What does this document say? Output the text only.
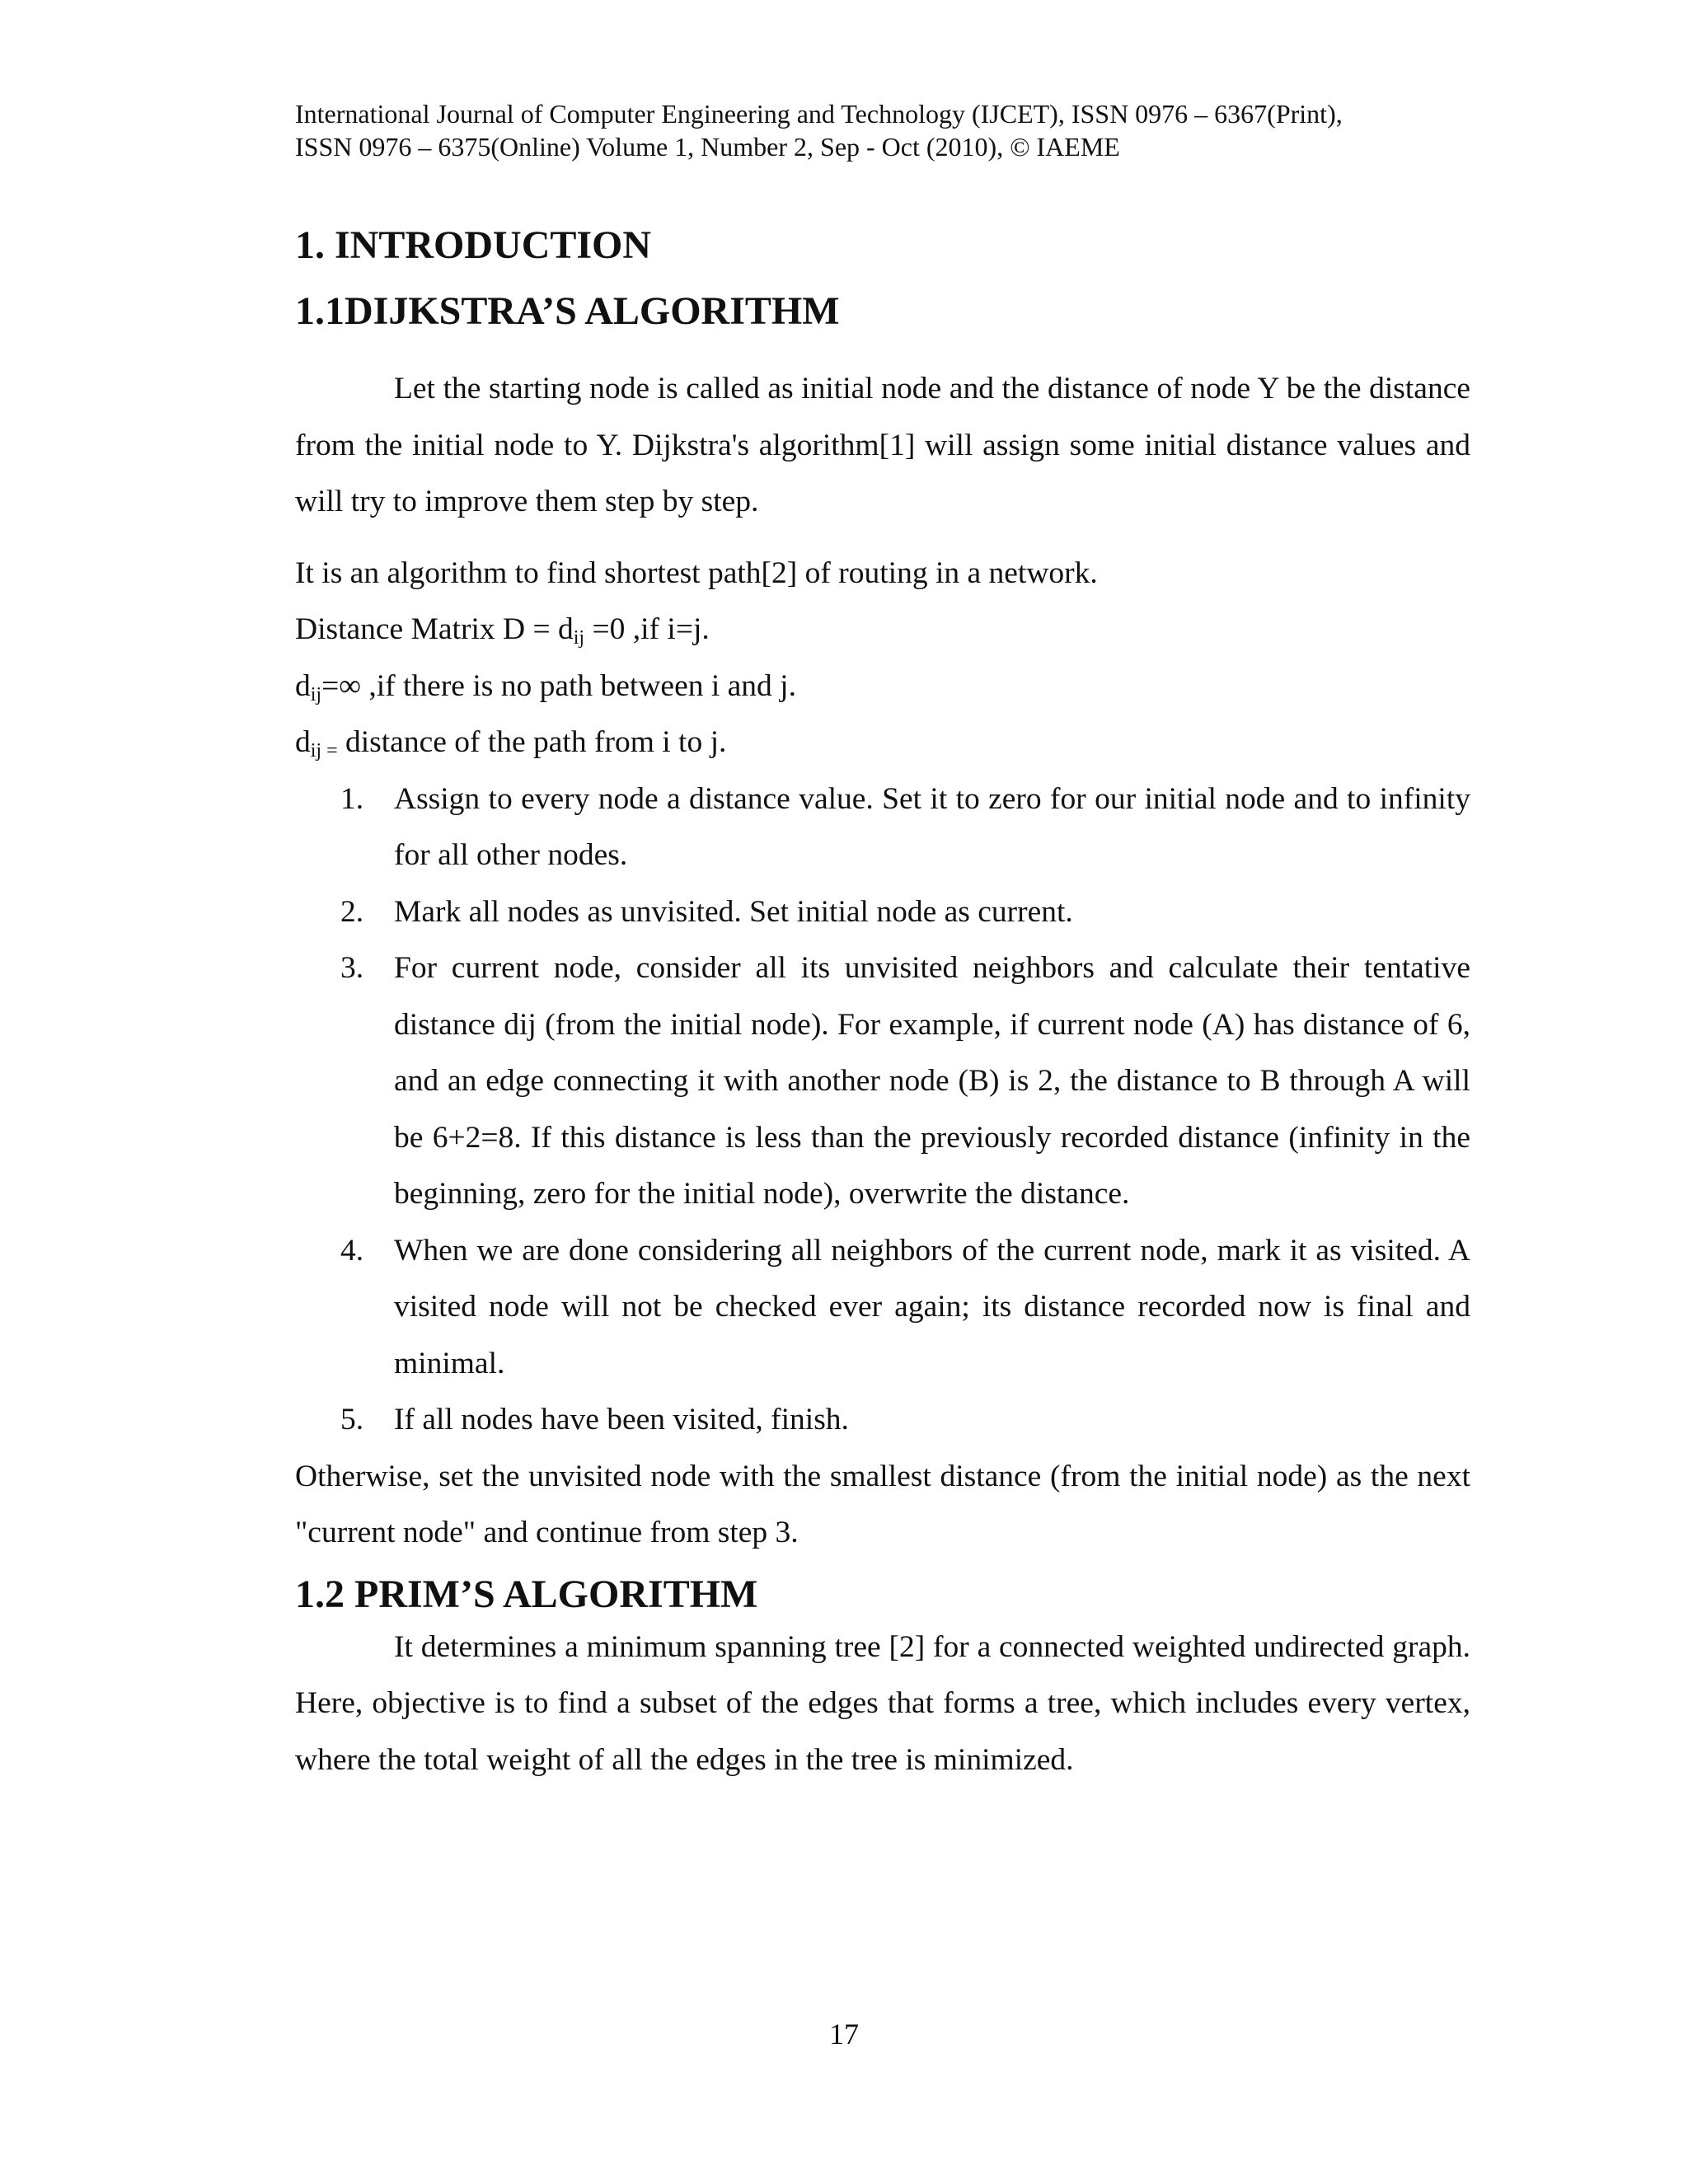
International Journal of Computer Engineering and Technology (IJCET), ISSN 0976 – 6367(Print),
ISSN 0976 – 6375(Online) Volume 1, Number 2, Sep - Oct (2010), © IAEME
1. INTRODUCTION
1.1DIJKSTRA’S ALGORITHM

Let the starting node is called as initial node and the distance of node Y be the distance from the initial node to Y. Dijkstra's algorithm[1] will assign some initial distance values and will try to improve them step by step.

It is an algorithm to find shortest path[2] of routing in a network.
Distance Matrix $D = d_{ij} =0$ ,if i=j.
$d_{ij}=\infty$ ,if there is no path between i and j.
$d_{ij =}$ distance of the path from i to j.
1. Assign to every node a distance value. Set it to zero for our initial node and to infinity for all other nodes.
2. Mark all nodes as unvisited. Set initial node as current.
3. For current node, consider all its unvisited neighbors and calculate their tentative distance dij (from the initial node). For example, if current node (A) has distance of 6, and an edge connecting it with another node (B) is 2, the distance to B through A will be 6+2=8. If this distance is less than the previously recorded distance (infinity in the beginning, zero for the initial node), overwrite the distance.
4. When we are done considering all neighbors of the current node, mark it as visited. A visited node will not be checked ever again; its distance recorded now is final and minimal.
5. If all nodes have been visited, finish.

Otherwise, set the unvisited node with the smallest distance (from the initial node) as the next "current node" and continue from step 3.

1.2 PRIM’S ALGORITHM

It determines a minimum spanning tree [2] for a connected weighted undirected graph. Here, objective is to find a subset of the edges that forms a tree, which includes every vertex, where the total weight of all the edges in the tree is minimized.

17
